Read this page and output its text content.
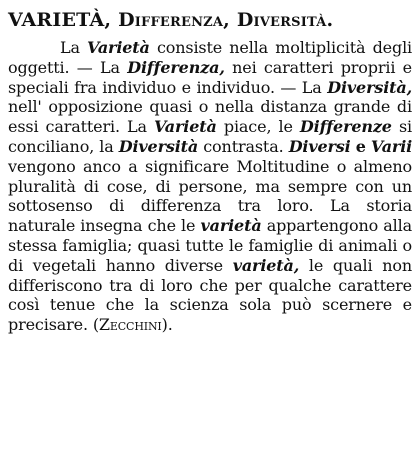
VARIETÀ, Differenza, Diversità.

La Varietà consiste nella moltiplicità degli oggetti. — La Differenza, nei caratteri proprii e speciali fra individuo e individuo. — La Diversità, nell' opposizione quasi o nella distanza grande di essi caratteri. La Varietà piace, le Differenze si conciliano, la Diversità contrasta. Diversi e Varii vengono anco a significare Moltitudine o almeno pluralità di cose, di persone, ma sempre con un sottosenso di differenza tra loro. La storia naturale insegna che le varietà appartengono alla stessa famiglia; quasi tutte le famiglie di animali o di vegetali hanno diverse varietà, le quali non differiscono tra di loro che per qualche carattere così tenue che la scienza sola può scernere e precisare. (Zecchini).
